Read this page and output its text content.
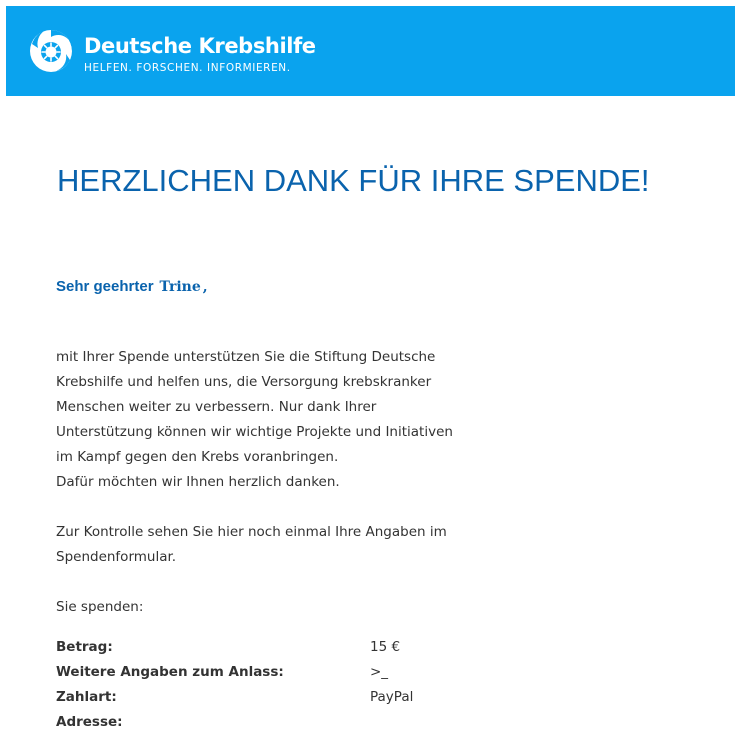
Deutsche Krebshilfe
HELFEN. FORSCHEN. INFORMIEREN.
HERZLICHEN DANK FÜR IHRE SPENDE!
Sehr geehrter Trine ,
mit Ihrer Spende unterstützen Sie die Stiftung Deutsche
Krebshilfe und helfen uns, die Versorgung krebskranker
Menschen weiter zu verbessern. Nur dank Ihrer
Unterstützung können wir wichtige Projekte und Initiativen
im Kampf gegen den Krebs voranbringen.
Dafür möchten wir Ihnen herzlich danken.
Zur Kontrolle sehen Sie hier noch einmal Ihre Angaben im
Spendenformular.
Sie spenden:
Betrag:	15 €
Weitere Angaben zum Anlass:	>_
Zahlart:	PayPal
Adresse:
